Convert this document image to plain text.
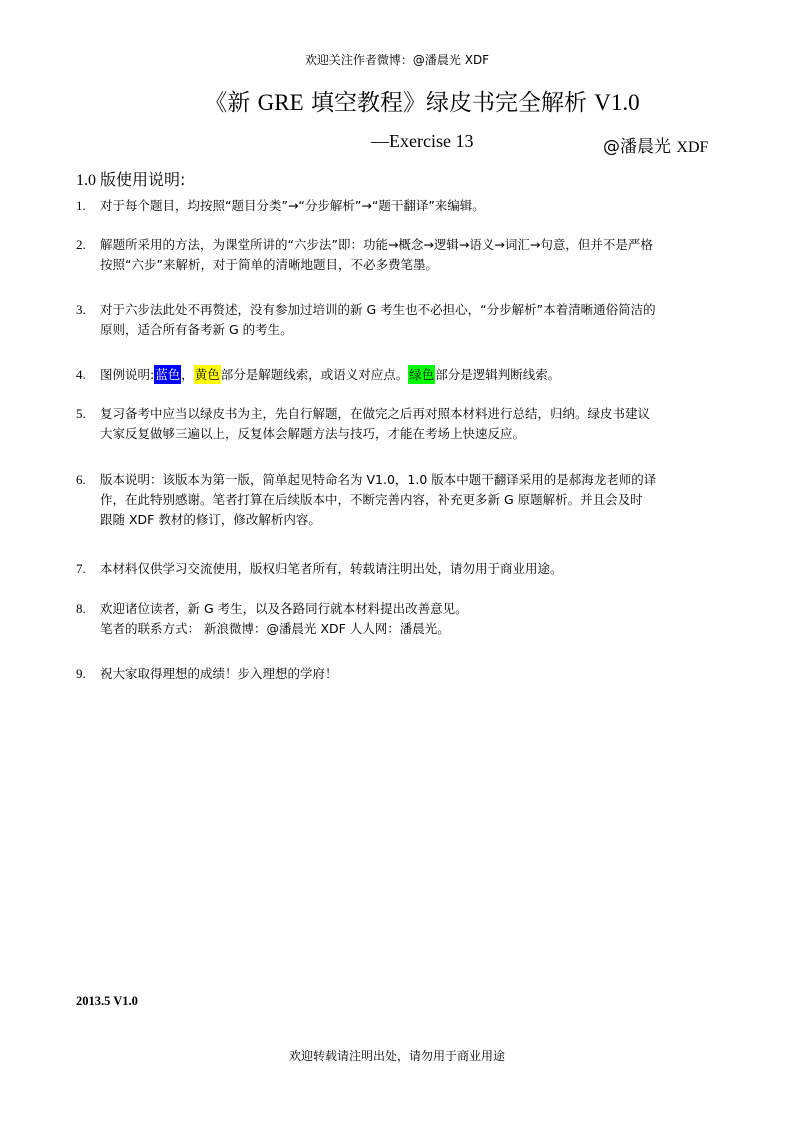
欢迎关注作者微博：@潘晨光 XDF
《新 GRE 填空教程》绿皮书完全解析 V1.0
—Exercise 13	@潘晨光 XDF
1.0 版使用说明:
1. 对于每个题目，均按照“题目分类”→“分步解析”→“题干翻译”来编辑。
2. 解题所采用的方法，为课堂所讲的“六步法”即：功能→概念→逻辑→语义→词汇→句意，但并不是严格
按照“六步”来解析，对于简单的清晰地题目，不必多费笔墨。
3. 对于六步法此处不再赘述，没有参加过培训的新 G 考生也不必担心，“分步解析”本着清晰通俗简洁的
原则，适合所有备考新 G 的考生。
4. 图例说明:蓝色，黄色部分是解题线索，或语义对应点。绿色部分是逻辑判断线索。
5. 复习备考中应当以绿皮书为主，先自行解题，在做完之后再对照本材料进行总结，归纳。绿皮书建议
大家反复做够三遍以上，反复体会解题方法与技巧，才能在考场上快速反应。
6. 版本说明：该版本为第一版，简单起见特命名为 V1.0，1.0 版本中题干翻译采用的是郝海龙老师的译
作，在此特别感谢。笔者打算在后续版本中，不断完善内容，补充更多新 G 原题解析。并且会及时
跟随 XDF 教材的修订，修改解析内容。
7. 本材料仅供学习交流使用，版权归笔者所有，转载请注明出处，请勿用于商业用途。
8. 欢迎诸位读者，新 G 考生，以及各路同行就本材料提出改善意见。
笔者的联系方式： 新浪微博：@潘晨光 XDF 人人网：潘晨光。
9. 祝大家取得理想的成绩！步入理想的学府！
2013.5 V1.0
欢迎转载请注明出处，请勿用于商业用途
